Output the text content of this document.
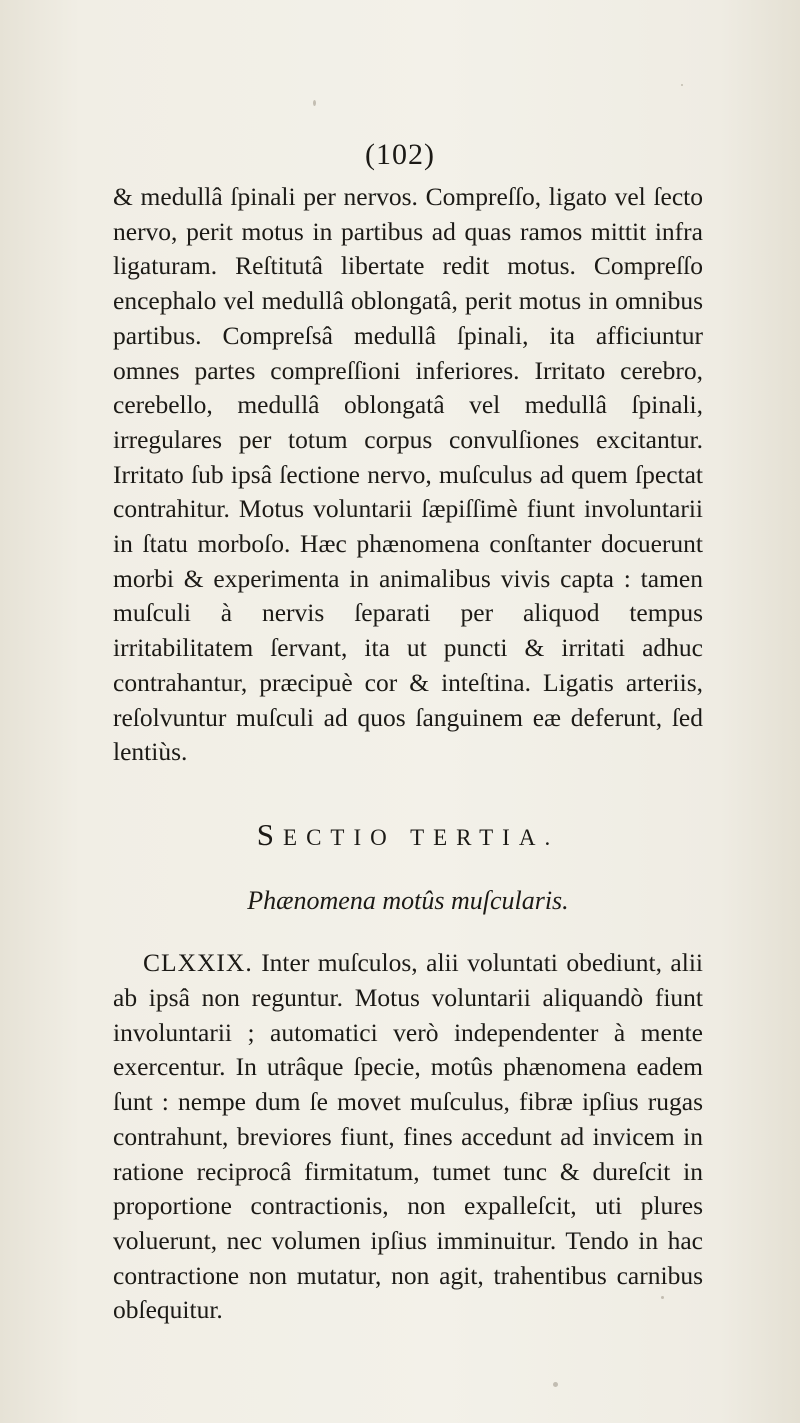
(102)

& medullâ ſpinali per nervos. Compreſſo, ligato vel ſecto nervo, perit motus in partibus ad quas ramos mittit infra ligaturam. Reſtitutâ libertate redit motus. Compreſſo encephalo vel medullâ oblongatâ, perit motus in omnibus partibus. Compreſsâ medullâ ſpinali, ita afficiuntur omnes partes compreſſioni inferiores. Irritato cerebro, cerebello, medullâ oblongatâ vel medullâ ſpinali, irregulares per totum corpus convulſiones excitantur. Irritato ſub ipsâ ſectione nervo, muſculus ad quem ſpectat contrahitur. Motus voluntarii ſæpiſſimè fiunt involuntarii in ſtatu morboſo. Hæc phænomena conſtanter docuerunt morbi & experimenta in animalibus vivis capta : tamen muſculi à nervis ſeparati per aliquod tempus irritabilitatem ſervant, ita ut puncti & irritati adhuc contrahantur, præcipuè cor & inteſtina. Ligatis arteriis, reſolvuntur muſculi ad quos ſanguinem eæ deferunt, ſed lentiùs.

SECTIO TERTIA.
Phænomena motûs muſcularis.

CLXXIX. Inter muſculos, alii voluntati obediunt, alii ab ipsâ non reguntur. Motus voluntarii aliquandò fiunt involuntarii ; automatici verò independenter à mente exercentur. In utrâque ſpecie, motûs phænomena eadem ſunt : nempe dum ſe movet muſculus, fibræ ipſius rugas contrahunt, breviores fiunt, fines accedunt ad invicem in ratione reciprocâ firmitatum, tumet tunc & dureſcit in proportione contractionis, non expalleſcit, uti plures voluerunt, nec volumen ipſius imminuitur. Tendo in hac contractione non mutatur, non agit, trahentibus carnibus obſequitur.
